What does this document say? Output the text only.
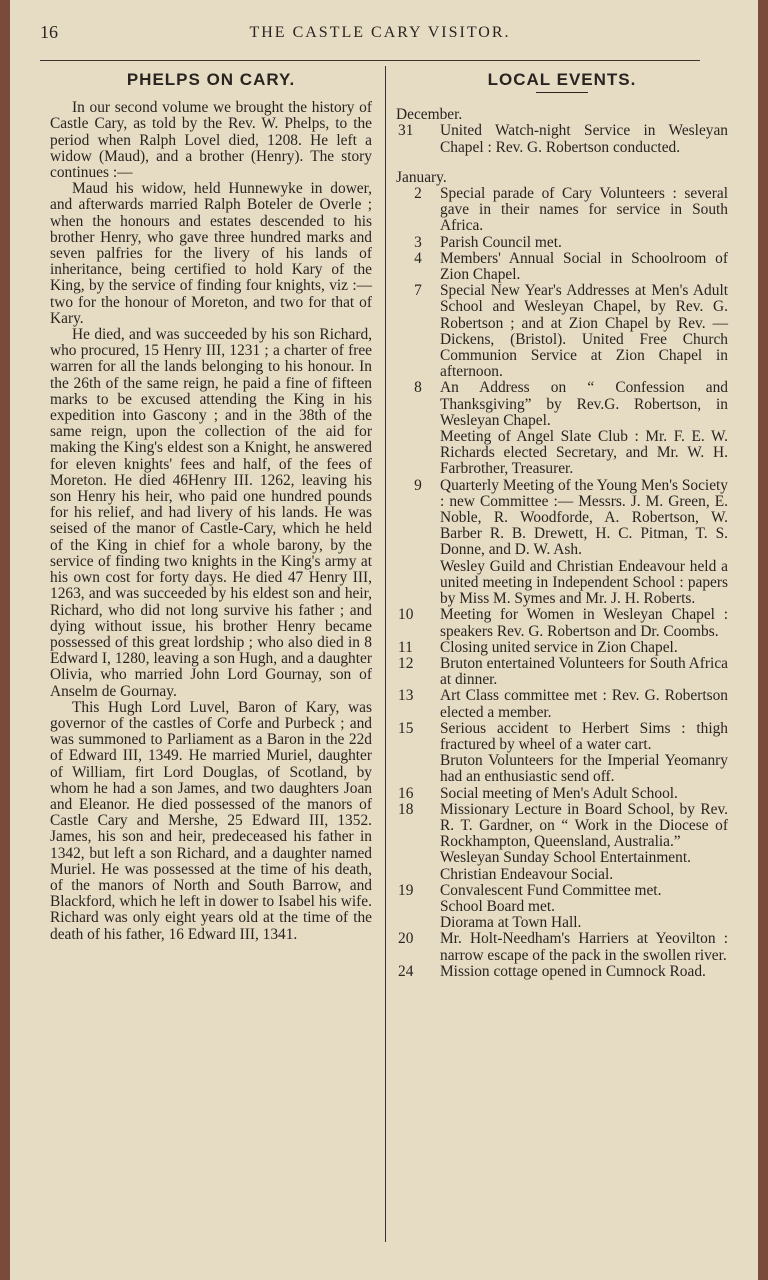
16	THE CASTLE CARY VISITOR.
PHELPS ON CARY.

In our second volume we brought the history of Castle Cary, as told by the Rev. W. Phelps, to the period when Ralph Lovel died, 1208. He left a widow (Maud), and a brother (Henry). The story continues :—

Maud his widow, held Hunnewyke in dower, and afterwards married Ralph Boteler de Overle ; when the honours and estates descended to his brother Henry, who gave three hundred marks and seven palfries for the livery of his lands of inheritance, being certified to hold Kary of the King, by the service of finding four knights, viz :—two for the honour of Moreton, and two for that of Kary.

He died, and was succeeded by his son Richard, who procured, 15 Henry III, 1231 ; a charter of free warren for all the lands belonging to his honour. In the 26th of the same reign, he paid a fine of fifteen marks to be excused attending the King in his expedition into Gascony ; and in the 38th of the same reign, upon the collection of the aid for making the King's eldest son a Knight, he answered for eleven knights' fees and half, of the fees of Moreton. He died 46Henry III. 1262, leaving his son Henry his heir, who paid one hundred pounds for his relief, and had livery of his lands. He was seised of the manor of Castle-Cary, which he held of the King in chief for a whole barony, by the service of finding two knights in the King's army at his own cost for forty days. He died 47 Henry III, 1263, and was succeeded by his eldest son and heir, Richard, who did not long survive his father ; and dying without issue, his brother Henry became possessed of this great lordship ; who also died in 8 Edward I, 1280, leaving a son Hugh, and a daughter Olivia, who married John Lord Gournay, son of Anselm de Gournay.

This Hugh Lord Luvel, Baron of Kary, was governor of the castles of Corfe and Purbeck ; and was summoned to Parliament as a Baron in the 22d of Edward III, 1349. He married Muriel, daughter of William, firt Lord Douglas, of Scotland, by whom he had a son James, and two daughters Joan and Eleanor. He died possessed of the manors of Castle Cary and Mershe, 25 Edward III, 1352. James, his son and heir, predeceased his father in 1342, but left a son Richard, and a daughter named Muriel. He was possessed at the time of his death, of the manors of North and South Barrow, and Blackford, which he left in dower to Isabel his wife. Richard was only eight years old at the time of the death of his father, 16 Edward III, 1341.

LOCAL EVENTS.
December.
31	United Watch-night Service in Wesleyan Chapel : Rev. G. Robertson conducted.
January.
2	Special parade of Cary Volunteers : several gave in their names for service in South Africa.
3	Parish Council met.
4	Members' Annual Social in Schoolroom of Zion Chapel.
7	Special New Year's Addresses at Men's Adult School and Wesleyan Chapel, by Rev. G. Robertson ; and at Zion Chapel by Rev. — Dickens, (Bristol). United Free Church Communion Service at Zion Chapel in afternoon.
8	An Address on “ Confession and Thanksgiving” by Rev.G. Robertson, in Wesleyan Chapel.
Meeting of Angel Slate Club : Mr. F. E. W. Richards elected Secretary, and Mr. W. H. Farbrother, Treasurer.
9	Quarterly Meeting of the Young Men's Society : new Committee :— Messrs. J. M. Green, E. Noble, R. Woodforde, A. Robertson, W. Barber R. B. Drewett, H. C. Pitman, T. S. Donne, and D. W. Ash.
Wesley Guild and Christian Endeavour held a united meeting in Independent School : papers by Miss M. Symes and Mr. J. H. Roberts.
10	Meeting for Women in Wesleyan Chapel : speakers Rev. G. Robertson and Dr. Coombs.
11	Closing united service in Zion Chapel.
12	Bruton entertained Volunteers for South Africa at dinner.
13	Art Class committee met : Rev. G. Robertson elected a member.
15	Serious accident to Herbert Sims : thigh fractured by wheel of a water cart.
Bruton Volunteers for the Imperial Yeomanry had an enthusiastic send off.
16	Social meeting of Men's Adult School.
18	Missionary Lecture in Board School, by Rev. R. T. Gardner, on “ Work in the Diocese of Rockhampton, Queensland, Australia.”
Wesleyan Sunday School Entertainment.
Christian Endeavour Social.
19	Convalescent Fund Committee met.
School Board met.
Diorama at Town Hall.
20	Mr. Holt-Needham's Harriers at Yeovilton : narrow escape of the pack in the swollen river.
24	Mission cottage opened in Cumnock Road.
